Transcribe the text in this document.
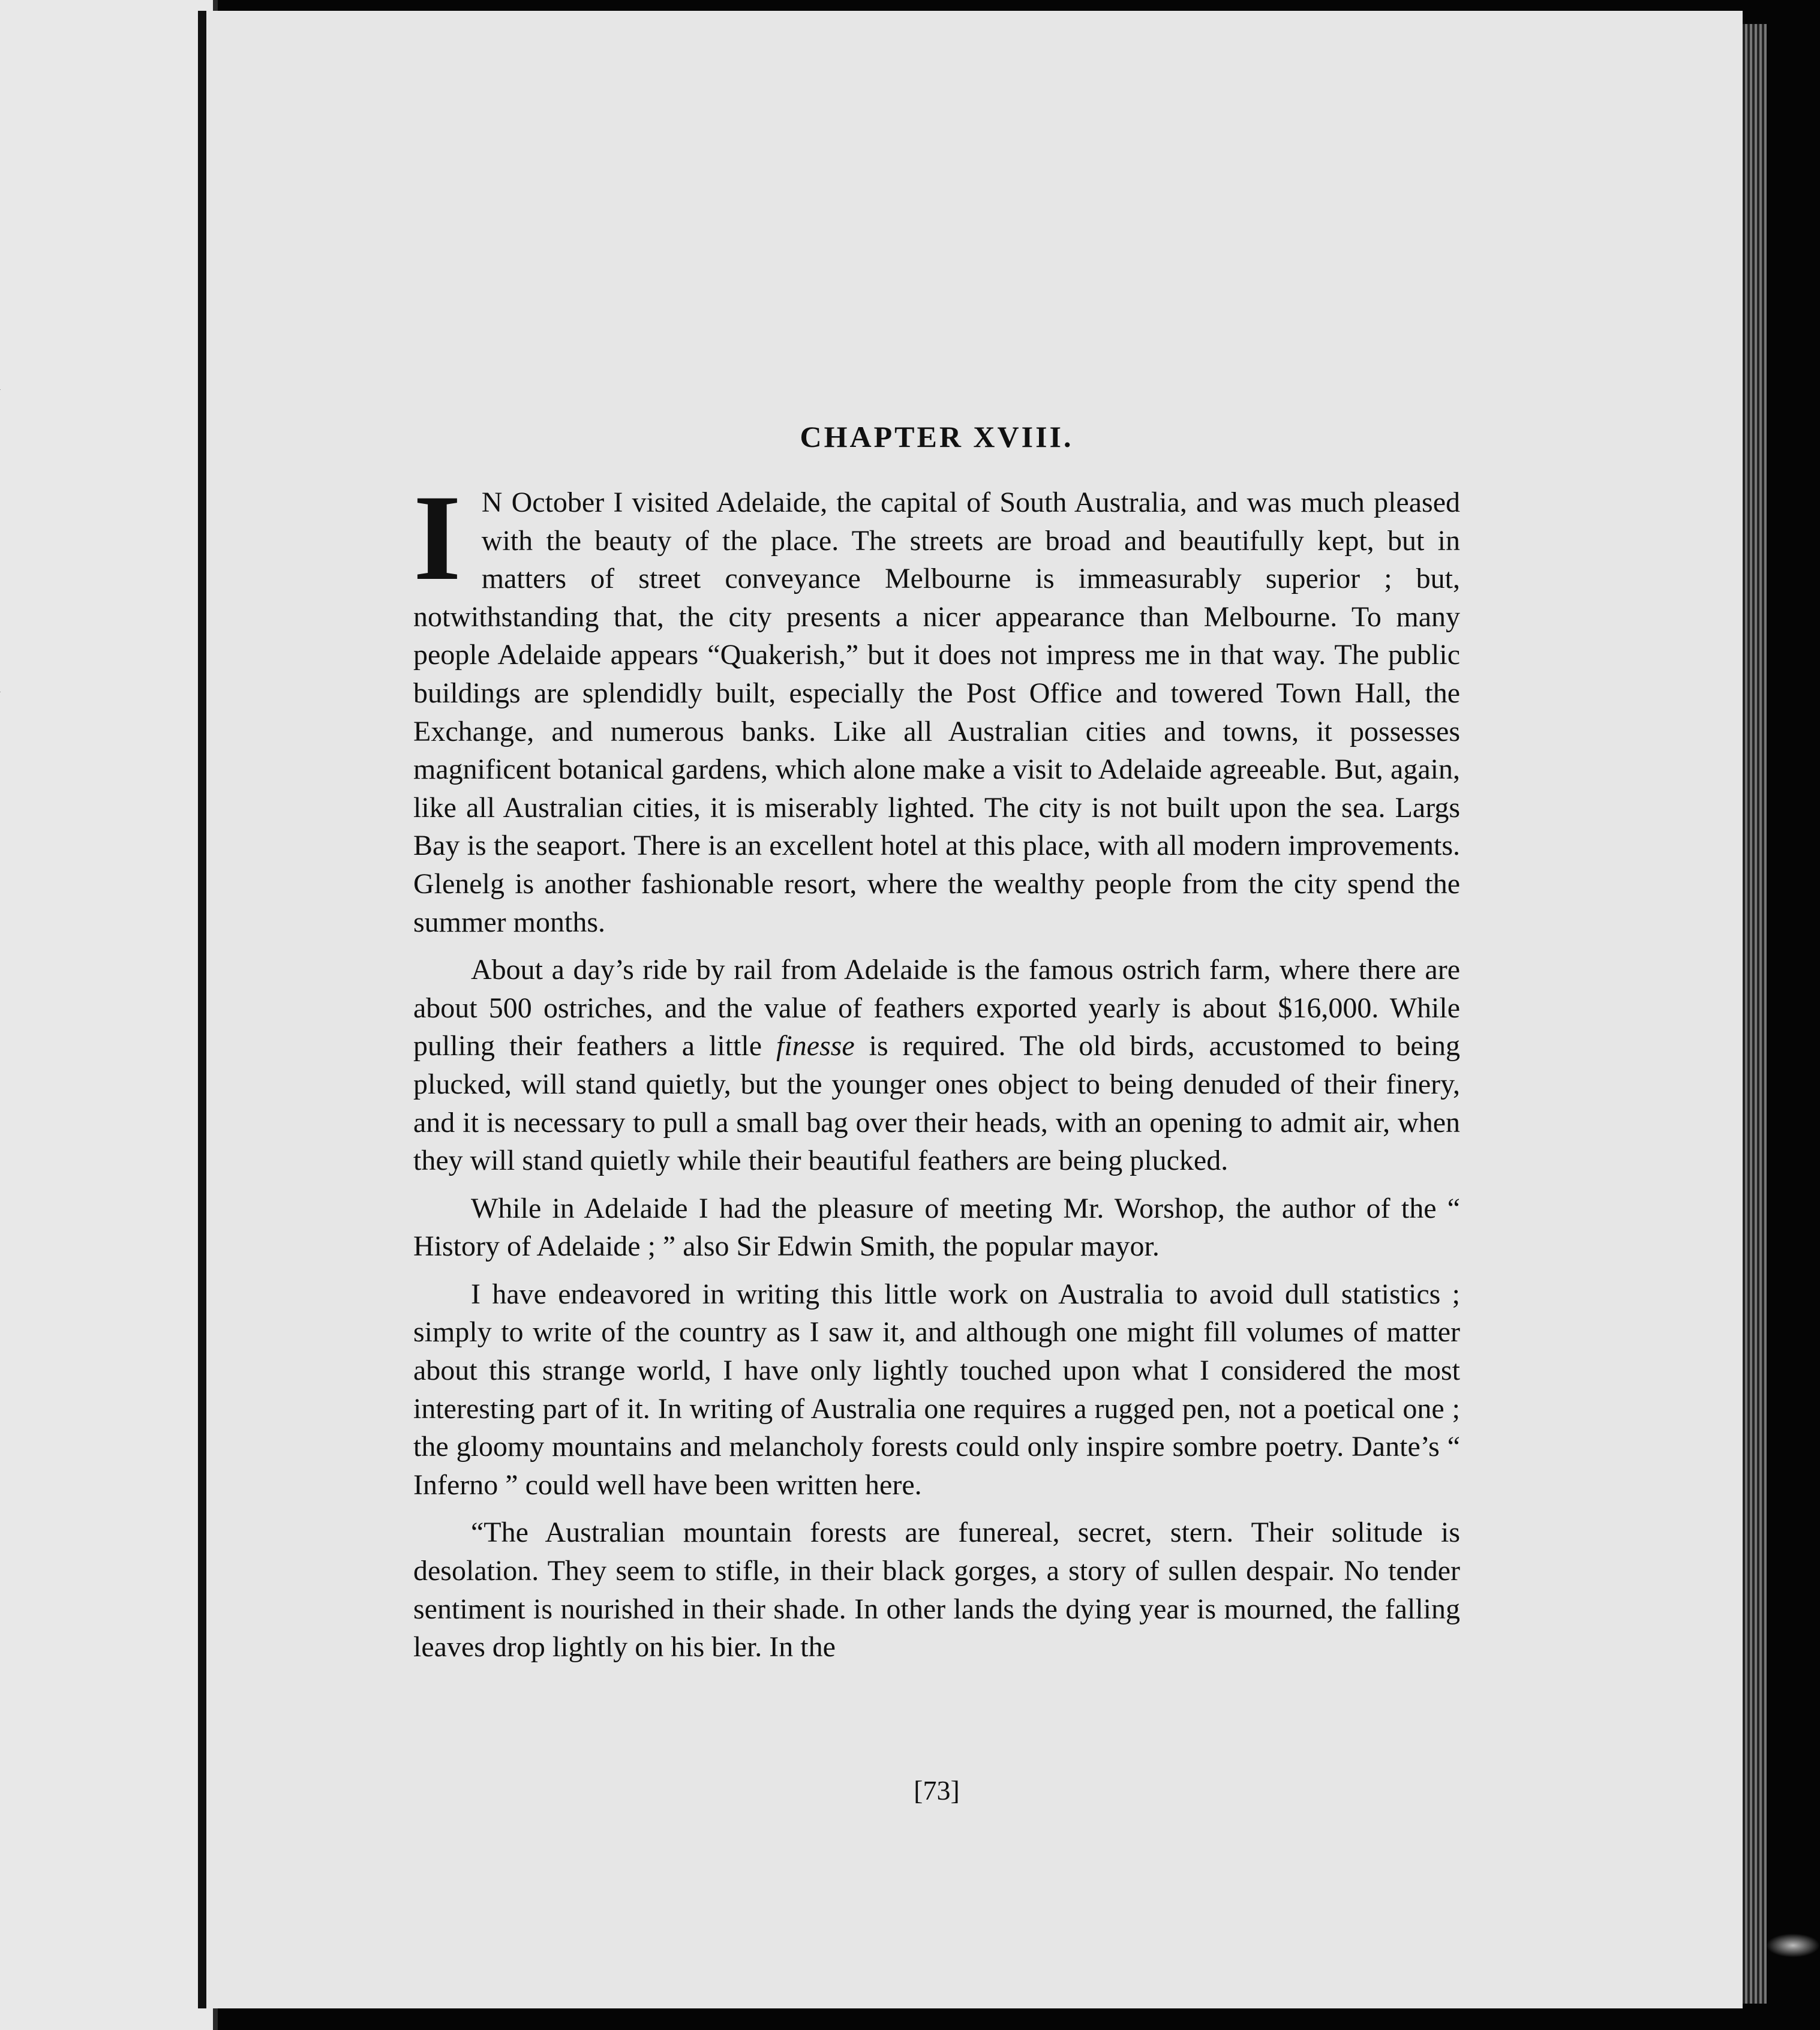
CHAPTER XVIII.

I N October I visited Adelaide, the capital of South Australia, and was much pleased with the beauty of the place. The streets are broad and beautifully kept, but in matters of street conveyance Melbourne is immeasurably superior ; but, notwithstanding that, the city presents a nicer appearance than Melbourne. To many people Adelaide appears “Quakerish,” but it does not impress me in that way. The public buildings are splendidly built, especially the Post Office and towered Town Hall, the Exchange, and numerous banks. Like all Australian cities and towns, it possesses magnificent botanical gardens, which alone make a visit to Adelaide agreeable. But, again, like all Australian cities, it is miserably lighted. The city is not built upon the sea. Largs Bay is the seaport. There is an excellent hotel at this place, with all modern improvements. Glenelg is another fashionable resort, where the wealthy people from the city spend the summer months.

About a day’s ride by rail from Adelaide is the famous ostrich farm, where there are about 500 ostriches, and the value of feathers exported yearly is about $16,000. While pulling their feathers a little finesse is required. The old birds, accustomed to being plucked, will stand quietly, but the younger ones object to being denuded of their finery, and it is necessary to pull a small bag over their heads, with an opening to admit air, when they will stand quietly while their beautiful feathers are being plucked.

While in Adelaide I had the pleasure of meeting Mr. Worshop, the author of the “ History of Adelaide ; ” also Sir Edwin Smith, the popular mayor.

I have endeavored in writing this little work on Australia to avoid dull statistics ; simply to write of the country as I saw it, and although one might fill volumes of matter about this strange world, I have only lightly touched upon what I considered the most interesting part of it. In writing of Australia one requires a rugged pen, not a poetical one ; the gloomy mountains and melancholy forests could only inspire sombre poetry. Dante’s “ Inferno ” could well have been written here.

“The Australian mountain forests are funereal, secret, stern. Their solitude is desolation. They seem to stifle, in their black gorges, a story of sullen despair. No tender sentiment is nourished in their shade. In other lands the dying year is mourned, the falling leaves drop lightly on his bier. In the

[73]
